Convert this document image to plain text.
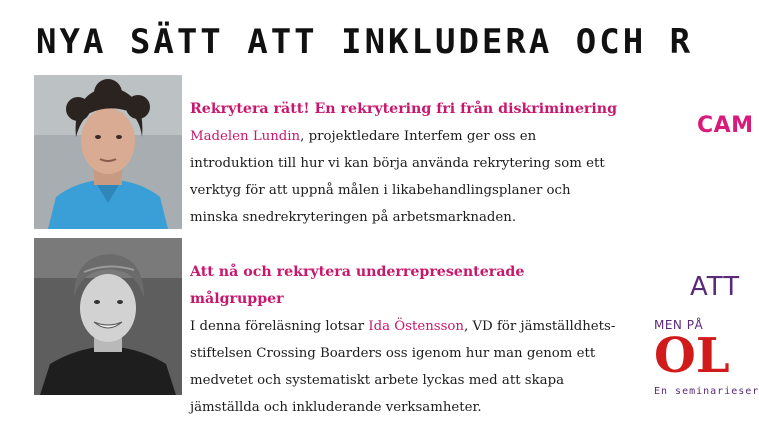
NYA SÄTT ATT INKLUDERA OCH R
Rekrytera rätt! En rekrytering fri från diskriminering

Madelen Lundin, projektledare Interfem ger oss en introduktion till hur vi kan börja använda rekrytering som ett verktyg för att uppnå målen i likabehandlingsplaner och minska snedrekryteringen på arbetsmarknaden.

Att nå och rekrytera underrepresenterade målgrupper

I denna föreläsning lotsar Ida Östensson, VD för jämställdhets-stiftelsen Crossing Boarders oss igenom hur man genom ett medvetet och systematiskt arbete lyckas med att skapa jämställda och inkluderande verksamheter.

CAM
ATT
MEN PÅ
OL
En seminarieser
